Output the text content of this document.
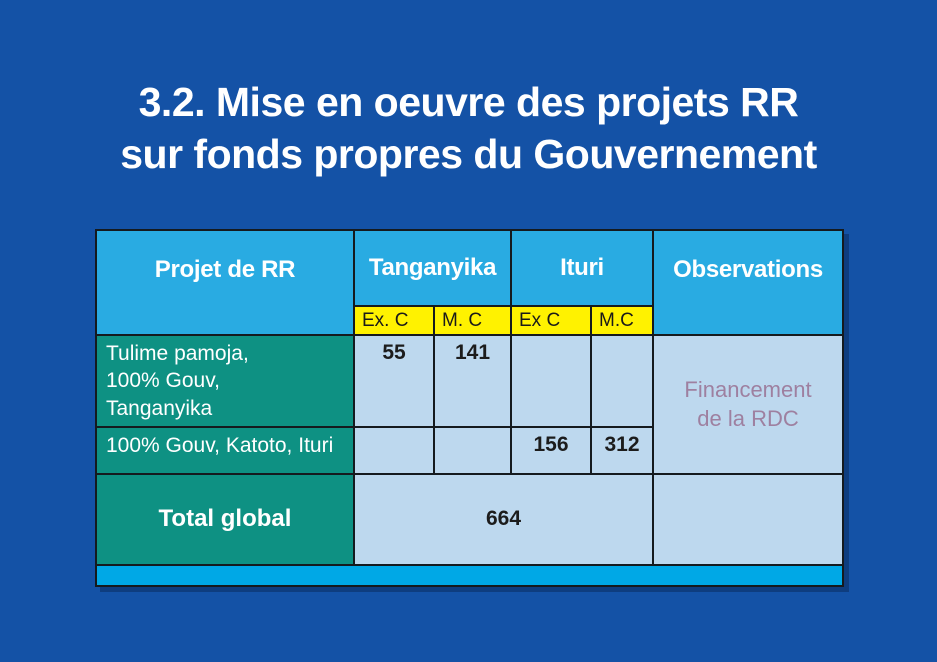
3.2. Mise en oeuvre des projets RR
sur fonds propres du Gouvernement
Projet de RR	Tanganyika		Ituri		Observations
	Ex. C	M. C	Ex C	M.C	
Tulime pamoja, 100% Gouv, Tanganyika	55	141			Financement de la RDC
100% Gouv, Katoto, Ituri			156	312	
Total global	664				
